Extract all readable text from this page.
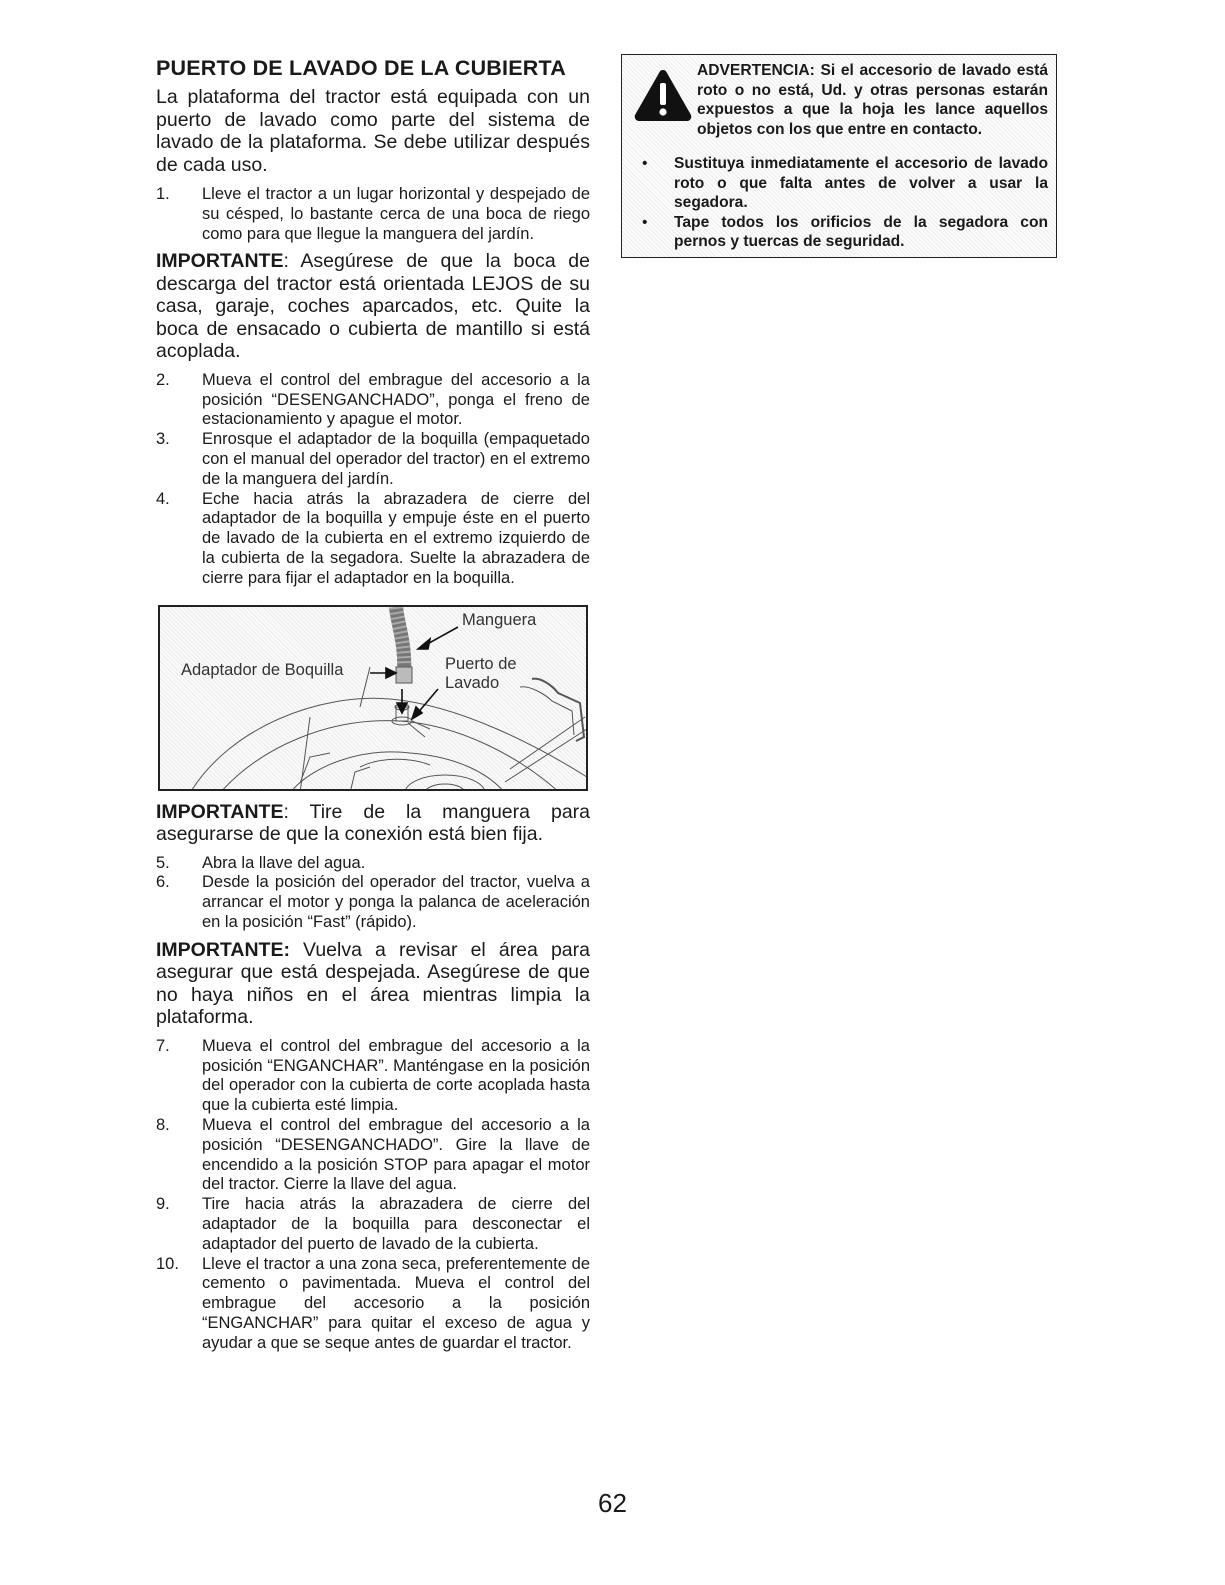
PUERTO DE LAVADO DE LA CUBIERTA

La plataforma del tractor está equipada con un puerto de lavado como parte del sistema de lavado de la plataforma. Se debe utilizar después de cada uso.

1. Lleve el tractor a un lugar horizontal y despejado de su césped, lo bastante cerca de una boca de riego como para que llegue la manguera del jardín.

IMPORTANTE: Asegúrese de que la boca de descarga del tractor está orientada LEJOS de su casa, garaje, coches aparcados, etc. Quite la boca de ensacado o cubierta de mantillo si está acoplada.

2. Mueva el control del embrague del accesorio a la posición “DESENGANCHADO”, ponga el freno de estacionamiento y apague el motor.
3. Enrosque el adaptador de la boquilla (empaquetado con el manual del operador del tractor) en el extremo de la manguera del jardín.
4. Eche hacia atrás la abrazadera de cierre del adaptador de la boquilla y empuje éste en el puerto de lavado de la cubierta en el extremo izquierdo de la cubierta de la segadora. Suelte la abrazadera de cierre para fijar el adaptador en la boquilla.
Manguera
Adaptador de Boquilla	Puerto de
Lavado

IMPORTANTE: Tire de la manguera para asegurarse de que la conexión está bien fija.

5. Abra la llave del agua.
6. Desde la posición del operador del tractor, vuelva a arrancar el motor y ponga la palanca de aceleración en la posición “Fast” (rápido).

IMPORTANTE: Vuelva a revisar el área para asegurar que está despejada. Asegúrese de que no haya niños en el área mientras limpia la plataforma.

7. Mueva el control del embrague del accesorio a la posición “ENGANCHAR”. Manténgase en la posición del operador con la cubierta de corte acoplada hasta que la cubierta esté limpia.
8. Mueva el control del embrague del accesorio a la posición “DESENGANCHADO”. Gire la llave de encendido a la posición STOP para apagar el motor del tractor. Cierre la llave del agua.
9. Tire hacia atrás la abrazadera de cierre del adaptador de la boquilla para desconectar el adaptador del puerto de lavado de la cubierta.
10. Lleve el tractor a una zona seca, preferentemente de cemento o pavimentada. Mueva el control del embrague del accesorio a la posición “ENGANCHAR” para quitar el exceso de agua y ayudar a que se seque antes de guardar el tractor.
ADVERTENCIA: Si el accesorio de lavado está roto o no está, Ud. y otras personas estarán expuestos a que la hoja les lance aquellos objetos con los que entre en contacto.
• Sustituya inmediatamente el accesorio de lavado roto o que falta antes de volver a usar la segadora.
• Tape todos los orificios de la segadora con pernos y tuercas de seguridad.
62
